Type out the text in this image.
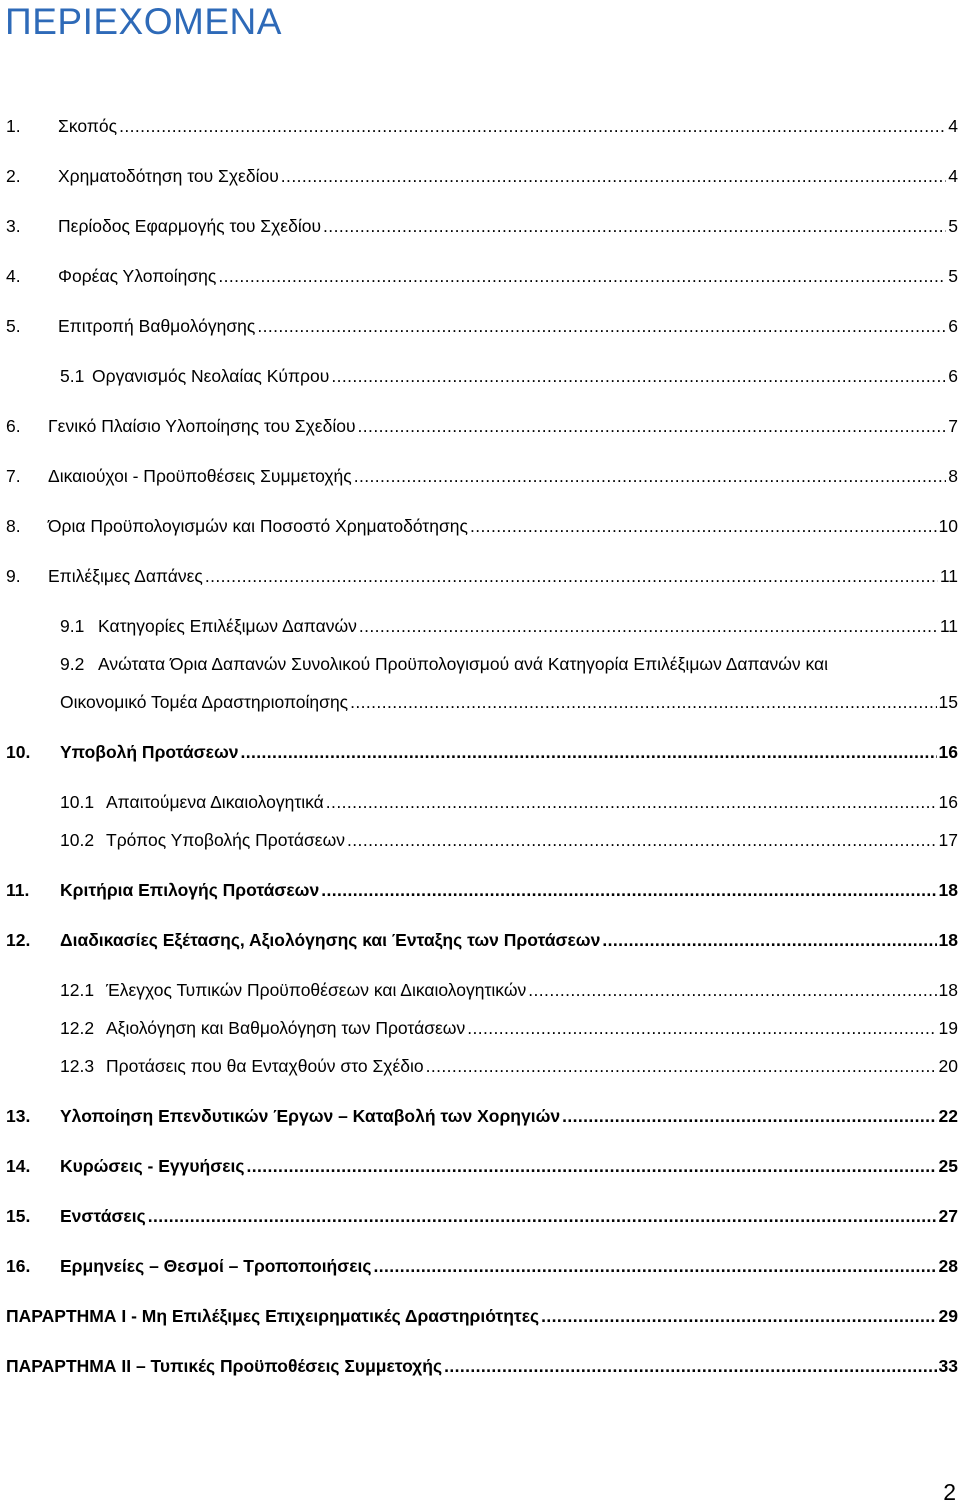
ΠΕΡΙΕΧΟΜΕΝΑ
1.	Σκοπός .....	4
2.	Χρηματοδότηση του Σχεδίου .....	4
3.	Περίοδος Εφαρμογής του Σχεδίου .....	5
4.	Φορέας Υλοποίησης .....	5
5.	Επιτροπή Βαθμολόγησης .....	6
5.1 Οργανισμός Νεολαίας Κύπρου .....	6
6.	Γενικό Πλαίσιο Υλοποίησης του Σχεδίου .....	7
7.	Δικαιούχοι - Προϋποθέσεις Συμμετοχής .....	8
8.	Όρια Προϋπολογισμών και Ποσοστό Χρηματοδότησης .....	10
9.	Επιλέξιμες Δαπάνες .....	11
9.1 Κατηγορίες Επιλέξιμων Δαπανών .....	11
9.2 Ανώτατα Όρια Δαπανών Συνολικού Προϋπολογισμού ανά Κατηγορία Επιλέξιμων Δαπανών και
Οικονομικό Τομέα Δραστηριοποίησης .....	15
10.	Υποβολή Προτάσεων .....	16
10.1 Απαιτούμενα Δικαιολογητικά .....	16
10.2 Τρόπος Υποβολής Προτάσεων .....	17
11.	Κριτήρια Επιλογής Προτάσεων .....	18
12.	Διαδικασίες Εξέτασης, Αξιολόγησης και Ένταξης των Προτάσεων .....	18
12.1 Έλεγχος Τυπικών Προϋποθέσεων και Δικαιολογητικών .....	18
12.2 Αξιολόγηση και Βαθμολόγηση των Προτάσεων .....	19
12.3 Προτάσεις που θα Ενταχθούν στο Σχέδιο .....	20
13.	Υλοποίηση Επενδυτικών Έργων – Καταβολή των Χορηγιών .....	22
14.	Κυρώσεις - Εγγυήσεις .....	25
15.	Ενστάσεις .....	27
16.	Ερμηνείες – Θεσμοί – Τροποποιήσεις .....	28
ΠΑΡΑΡΤΗΜΑ Ι - Μη Επιλέξιμες Επιχειρηματικές Δραστηριότητες .....	29
ΠΑΡΑΡΤΗΜΑ ΙΙ – Τυπικές Προϋποθέσεις Συμμετοχής .....	33
2
